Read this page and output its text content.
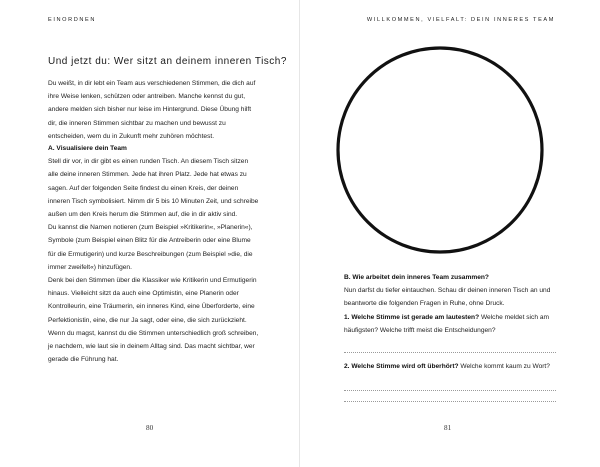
EINORDNEN
Und jetzt du: Wer sitzt an deinem inneren Tisch?

Du weißt, in dir lebt ein Team aus verschiedenen Stimmen, die dich auf ihre Weise lenken, schützen oder antreiben. Manche kennst du gut, andere melden sich bisher nur leise im Hintergrund. Diese Übung hilft dir, die inneren Stimmen sichtbar zu machen und bewusst zu entscheiden, wem du in Zukunft mehr zuhören möchtest.

A. Visualisiere dein Team

Stell dir vor, in dir gibt es einen runden Tisch. An diesem Tisch sitzen alle deine inneren Stimmen. Jede hat ihren Platz. Jede hat etwas zu sagen. Auf der folgenden Seite findest du einen Kreis, der deinen inneren Tisch symbolisiert. Nimm dir 5 bis 10 Minuten Zeit, und schreibe außen um den Kreis herum die Stimmen auf, die in dir aktiv sind.

Du kannst die Namen notieren (zum Beispiel »Kritikerin«, »Planerin«), Symbole (zum Beispiel einen Blitz für die Antreiberin oder eine Blume für die Ermutigerin) und kurze Beschreibungen (zum Beispiel »die, die immer zweifelt«) hinzufügen.

Denk bei den Stimmen über die Klassiker wie Kritikerin und Ermutigerin hinaus. Vielleicht sitzt da auch eine Optimistin, eine Planerin oder Kontrolleurin, eine Träumerin, ein inneres Kind, eine Überforderte, eine Perfektionistin, eine, die nur Ja sagt, oder eine, die sich zurückzieht.

Wenn du magst, kannst du die Stimmen unterschiedlich groß schreiben, je nachdem, wie laut sie in deinem Alltag sind. Das macht sichtbar, wer gerade die Führung hat.

80
WILLKOMMEN, VIELFALT: DEIN INNERES TEAM

B. Wie arbeitet dein inneres Team zusammen?

Nun darfst du tiefer eintauchen. Schau dir deinen inneren Tisch an und beantworte die folgenden Fragen in Ruhe, ohne Druck.

1. Welche Stimme ist gerade am lautesten? Welche meldet sich am häufigsten? Welche trifft meist die Entscheidungen?

2. Welche Stimme wird oft überhört? Welche kommt kaum zu Wort?

81
